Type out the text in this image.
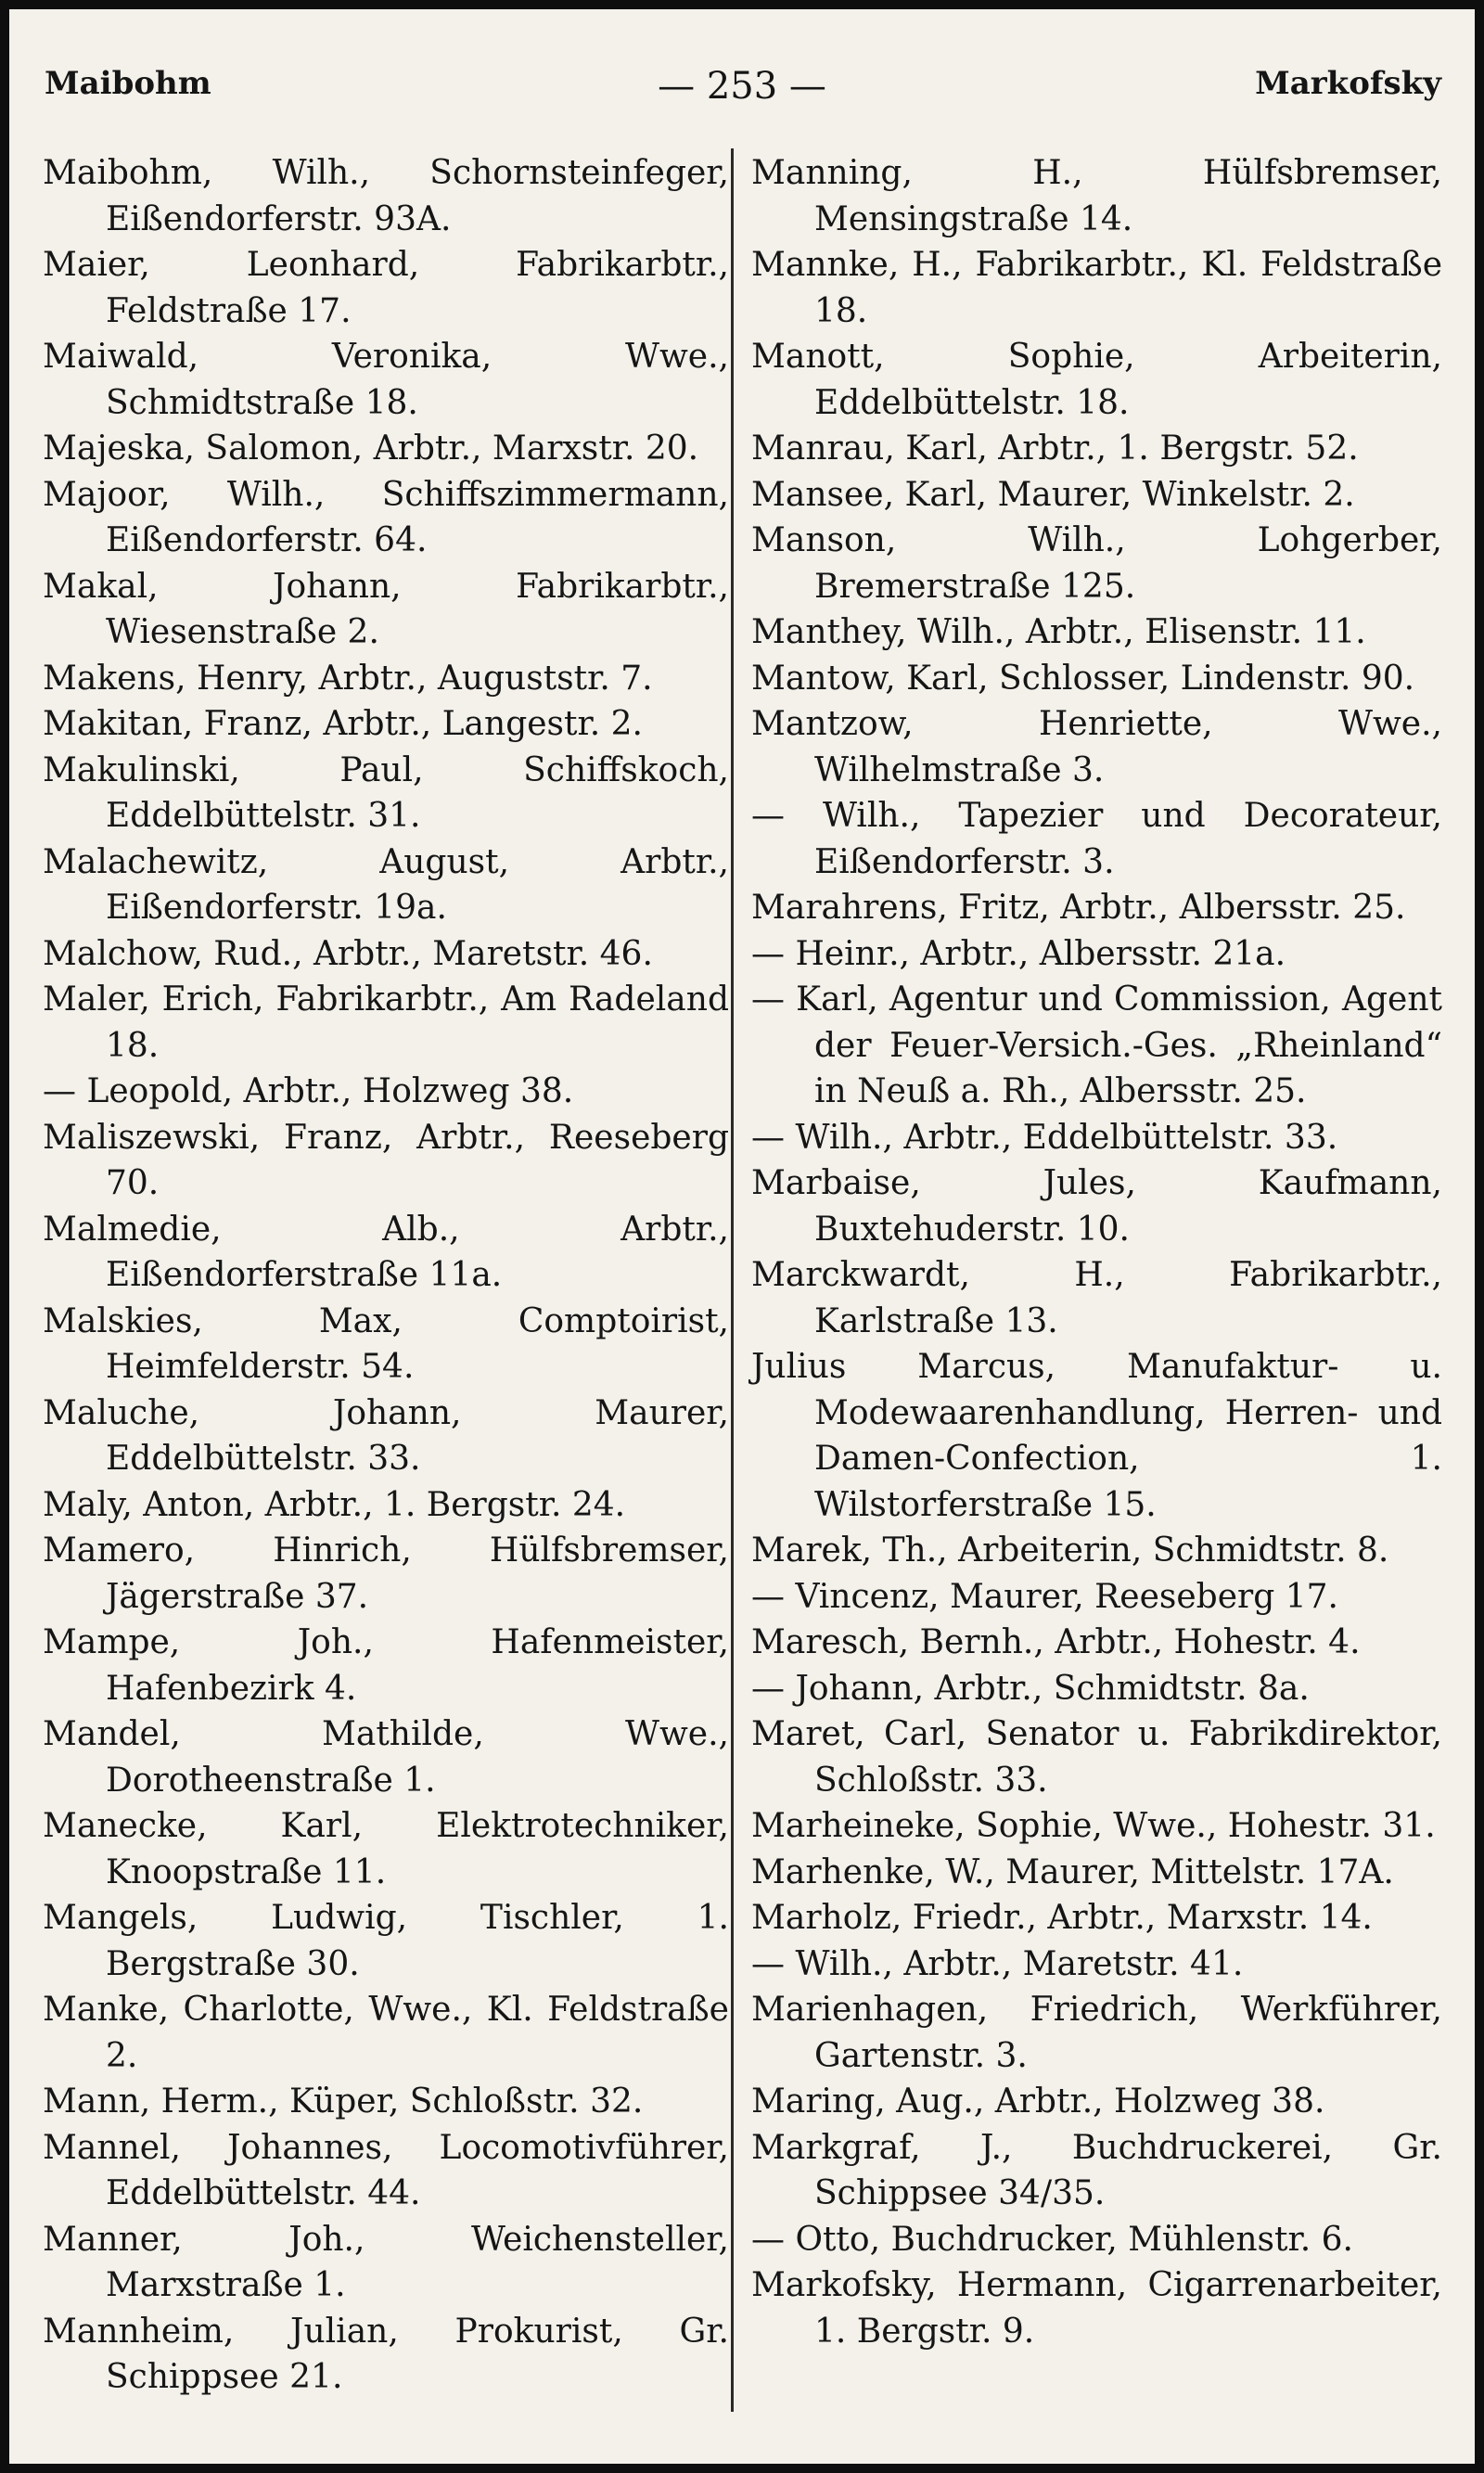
Maibohm	— 253 —	Markofsky
Maibohm, Wilh., Schornsteinfeger, Eißendorferstr. 93A.
Maier, Leonhard, Fabrikarbtr., Feldstraße 17.
Maiwald, Veronika, Wwe., Schmidtstraße 18.
Majeska, Salomon, Arbtr., Marxstr. 20.
Majoor, Wilh., Schiffszimmermann, Eißendorferstr. 64.
Makal, Johann, Fabrikarbtr., Wiesenstraße 2.
Makens, Henry, Arbtr., Auguststr. 7.
Makitan, Franz, Arbtr., Langestr. 2.
Makulinski, Paul, Schiffskoch, Eddelbüttelstr. 31.
Malachewitz, August, Arbtr., Eißendorferstr. 19a.
Malchow, Rud., Arbtr., Maretstr. 46.
Maler, Erich, Fabrikarbtr., Am Radeland 18.
— Leopold, Arbtr., Holzweg 38.
Maliszewski, Franz, Arbtr., Reeseberg 70.
Malmedie, Alb., Arbtr., Eißendorferstraße 11a.
Malskies, Max, Comptoirist, Heimfelderstr. 54.
Maluche, Johann, Maurer, Eddelbüttelstr. 33.
Maly, Anton, Arbtr., 1. Bergstr. 24.
Mamero, Hinrich, Hülfsbremser, Jägerstraße 37.
Mampe, Joh., Hafenmeister, Hafenbezirk 4.
Mandel, Mathilde, Wwe., Dorotheenstraße 1.
Manecke, Karl, Elektrotechniker, Knoopstraße 11.
Mangels, Ludwig, Tischler, 1. Bergstraße 30.
Manke, Charlotte, Wwe., Kl. Feldstraße 2.
Mann, Herm., Küper, Schloßstr. 32.
Mannel, Johannes, Locomotivführer, Eddelbüttelstr. 44.
Manner, Joh., Weichensteller, Marxstraße 1.
Mannheim, Julian, Prokurist, Gr. Schippsee 21.
Manning, H., Hülfsbremser, Mensingstraße 14.
Mannke, H., Fabrikarbtr., Kl. Feldstraße 18.
Manott, Sophie, Arbeiterin, Eddelbüttelstr. 18.
Manrau, Karl, Arbtr., 1. Bergstr. 52.
Mansee, Karl, Maurer, Winkelstr. 2.
Manson, Wilh., Lohgerber, Bremerstraße 125.
Manthey, Wilh., Arbtr., Elisenstr. 11.
Mantow, Karl, Schlosser, Lindenstr. 90.
Mantzow, Henriette, Wwe., Wilhelmstraße 3.
— Wilh., Tapezier und Decorateur, Eißendorferstr. 3.
Marahrens, Fritz, Arbtr., Albersstr. 25.
— Heinr., Arbtr., Albersstr. 21a.
— Karl, Agentur und Commission, Agent der Feuer-Versich.-Ges. „Rheinland“ in Neuß a. Rh., Albersstr. 25.
— Wilh., Arbtr., Eddelbüttelstr. 33.
Marbaise, Jules, Kaufmann, Buxtehuderstr. 10.
Marckwardt, H., Fabrikarbtr., Karlstraße 13.
Julius Marcus, Manufaktur- u. Modewaarenhandlung, Herren- und Damen-Confection, 1. Wilstorferstraße 15.
Marek, Th., Arbeiterin, Schmidtstr. 8.
— Vincenz, Maurer, Reeseberg 17.
Maresch, Bernh., Arbtr., Hohestr. 4.
— Johann, Arbtr., Schmidtstr. 8a.
Maret, Carl, Senator u. Fabrikdirektor, Schloßstr. 33.
Marheineke, Sophie, Wwe., Hohestr. 31.
Marhenke, W., Maurer, Mittelstr. 17A.
Marholz, Friedr., Arbtr., Marxstr. 14.
— Wilh., Arbtr., Maretstr. 41.
Marienhagen, Friedrich, Werkführer, Gartenstr. 3.
Maring, Aug., Arbtr., Holzweg 38.
Markgraf, J., Buchdruckerei, Gr. Schippsee 34/35.
— Otto, Buchdrucker, Mühlenstr. 6.
Markofsky, Hermann, Cigarrenarbeiter, 1. Bergstr. 9.
